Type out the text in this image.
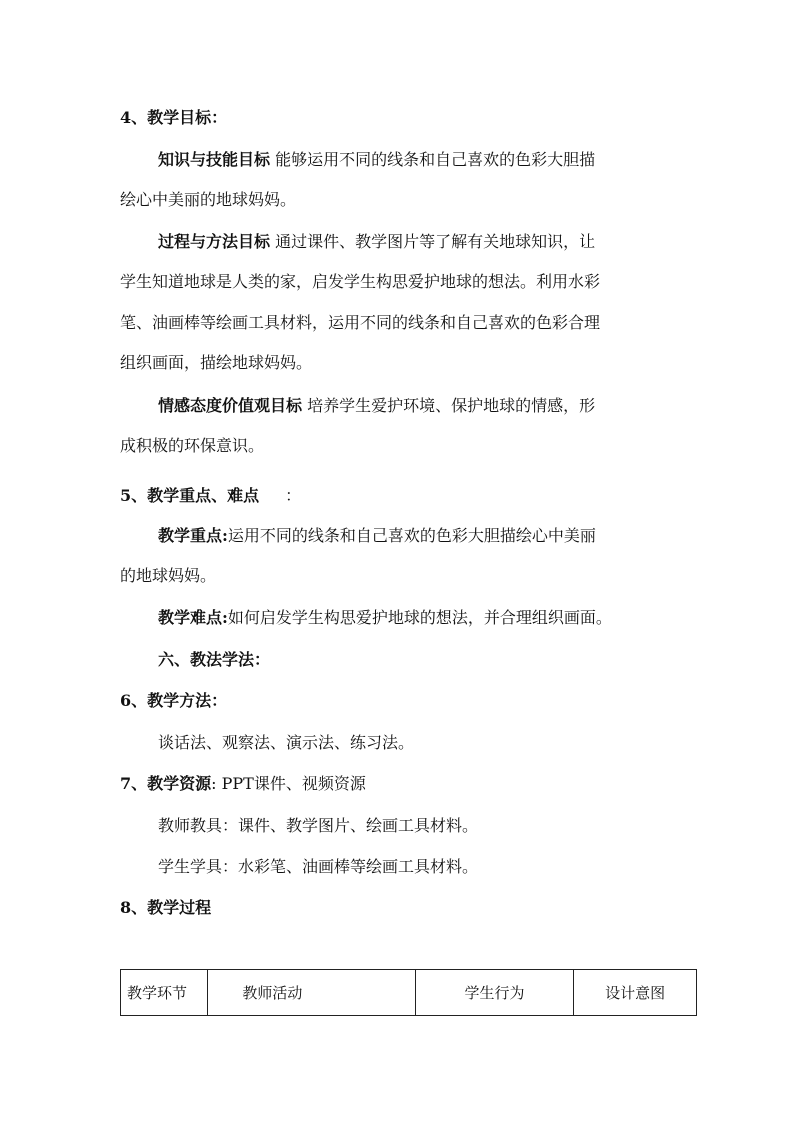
4、教学目标：
知识与技能目标 能够运用不同的线条和自己喜欢的色彩大胆描
绘心中美丽的地球妈妈。
过程与方法目标 通过课件、教学图片等了解有关地球知识，让
学生知道地球是人类的家，启发学生构思爱护地球的想法。利用水彩
笔、油画棒等绘画工具材料，运用不同的线条和自己喜欢的色彩合理
组织画面，描绘地球妈妈。
情感态度价值观目标 培养学生爱护环境、保护地球的情感，形
成积极的环保意识。
5、教学重点、难点 ：
教学重点:运用不同的线条和自己喜欢的色彩大胆描绘心中美丽
的地球妈妈。
教学难点:如何启发学生构思爱护地球的想法，并合理组织画面。
六、教法学法：
6、教学方法：
谈话法、观察法、演示法、练习法。
7、教学资源: PPT课件、视频资源
教师教具：课件、教学图片、绘画工具材料。
学生学具：水彩笔、油画棒等绘画工具材料。
8、教学过程
教学环节	教师活动	学生行为	设计意图
